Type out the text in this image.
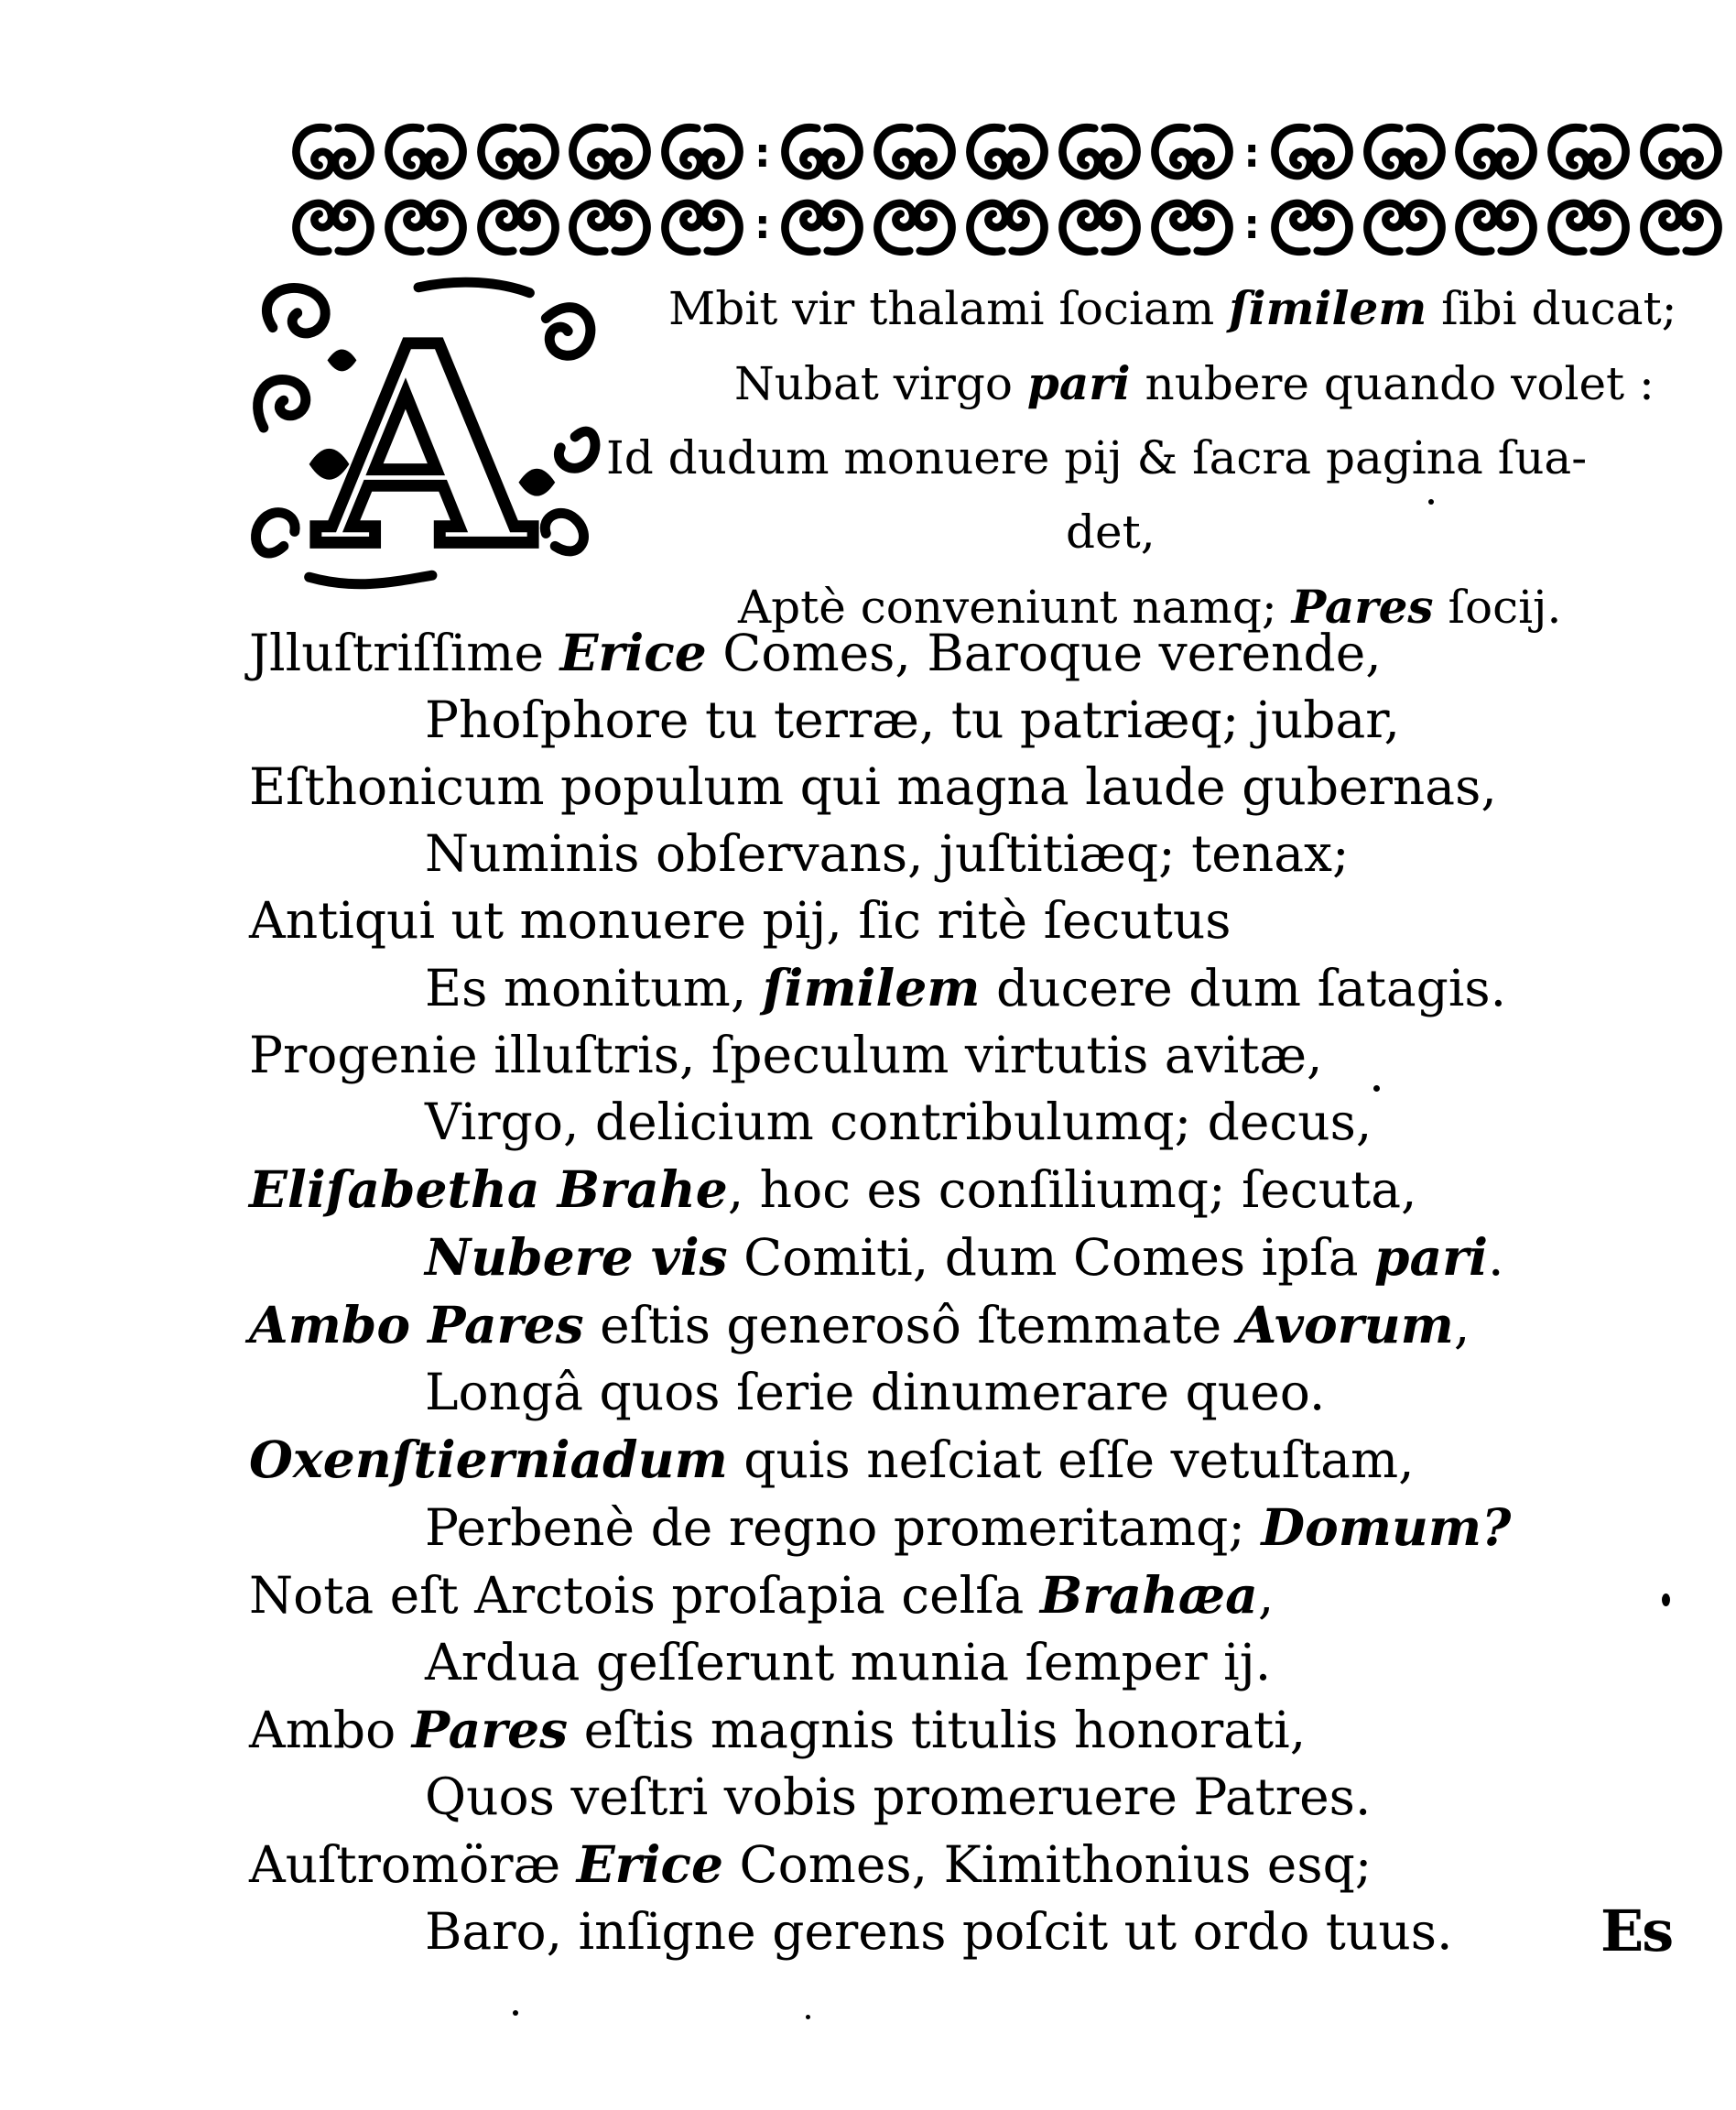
:	:
:	:
A	Mbit vir thalami ſociam ſimilem ſibi ducat;
Nubat virgo pari nubere quando volet :
Id dudum monuere pij & ſacra pagina ſua-
det,
Aptè conveniunt namq; Pares ſocij.
Jlluſtriſſime Erice Comes, Baroque verende,
Phoſphore tu terræ, tu patriæq; jubar,
Eſthonicum populum qui magna laude gubernas,
Numinis obſervans, juſtitiæq; tenax;
Antiqui ut monuere pij, ſic ritè ſecutus
Es monitum, ſimilem ducere dum ſatagis.
Progenie illuſtris, ſpeculum virtutis avitæ,
Virgo, delicium contribulumq; decus,
Eliſabetha Brahe, hoc es conſiliumq; ſecuta,
Nubere vis Comiti, dum Comes ipſa pari.
Ambo Pares eſtis generosô ſtemmate Avorum,
Longâ quos ſerie dinumerare queo.
Oxenſtierniadum quis neſciat eſſe vetuſtam,
Perbenè de regno promeritamq; Domum?
Nota eſt Arctois proſapia celſa Brahæa,
Ardua geſſerunt munia ſemper ij.
Ambo Pares eſtis magnis titulis honorati,
Quos veſtri vobis promeruere Patres.
Auſtromöræ Erice Comes, Kimithonius esq;
Baro, inſigne gerens poſcit ut ordo tuus.	Es
